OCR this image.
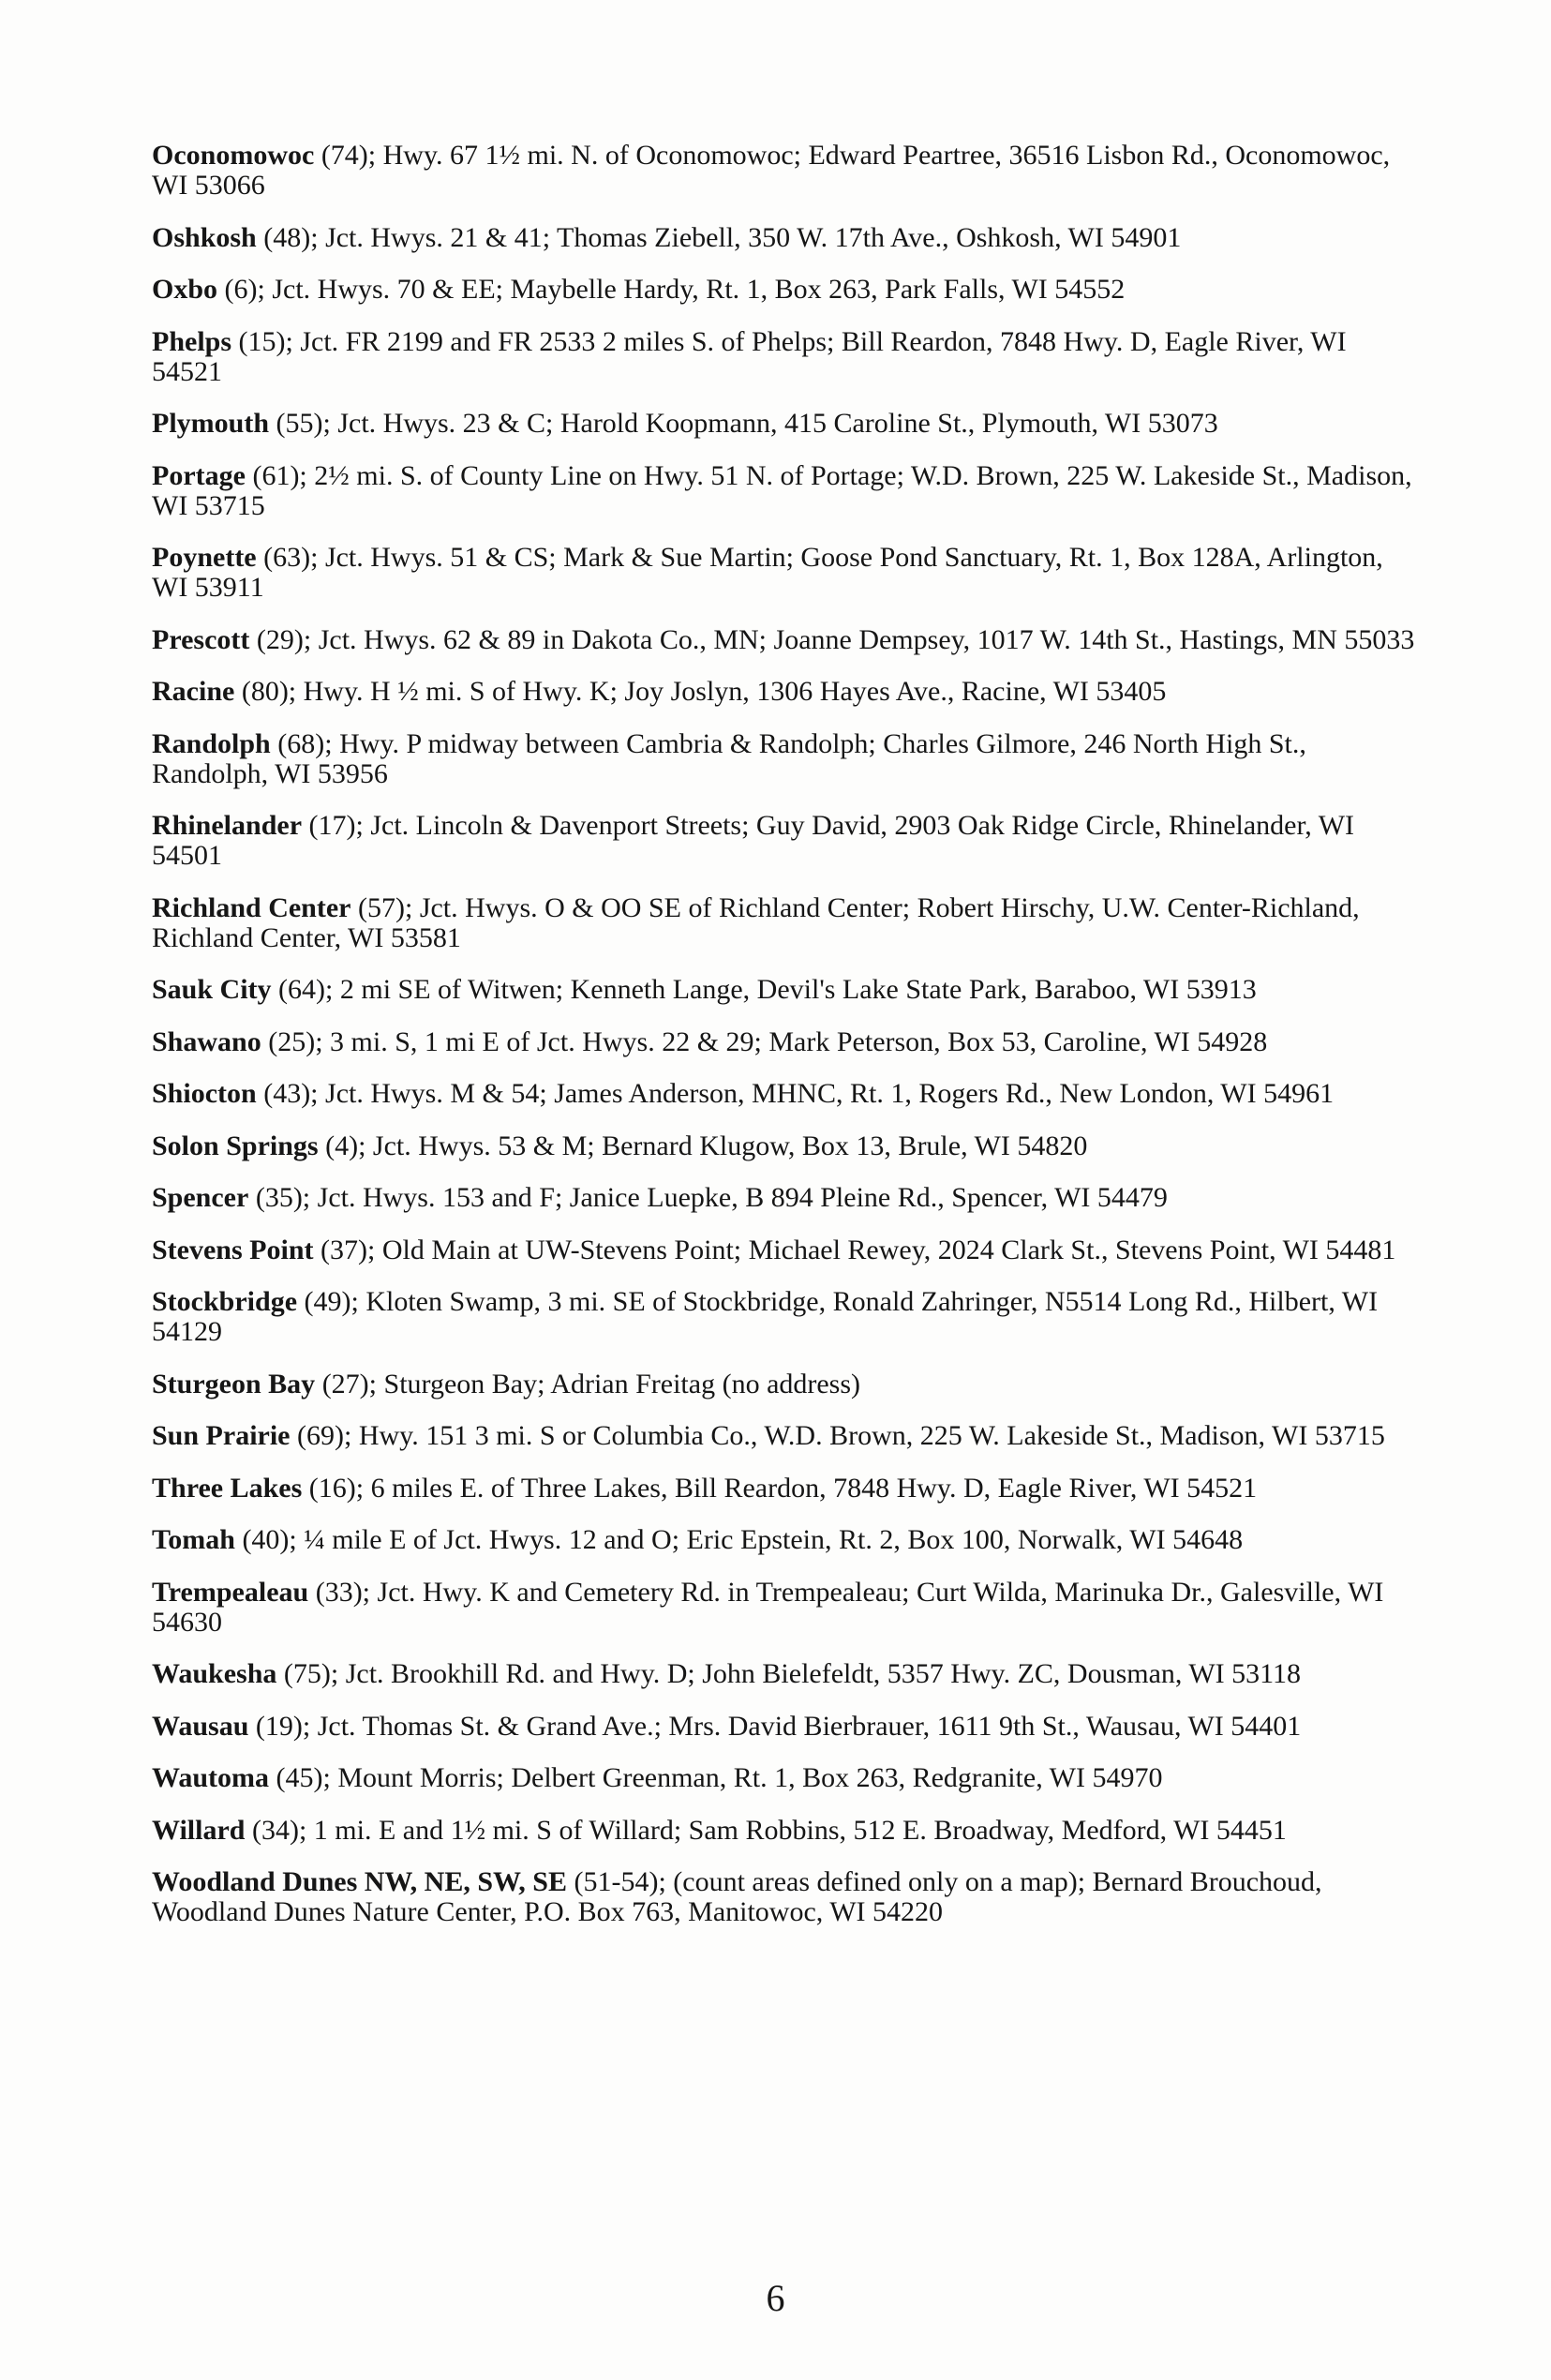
Oconomowoc (74); Hwy. 67 1½ mi. N. of Oconomowoc; Edward Peartree, 36516 Lisbon Rd., Oconomowoc, WI 53066

Oshkosh (48); Jct. Hwys. 21 & 41; Thomas Ziebell, 350 W. 17th Ave., Oshkosh, WI 54901

Oxbo (6); Jct. Hwys. 70 & EE; Maybelle Hardy, Rt. 1, Box 263, Park Falls, WI 54552

Phelps (15); Jct. FR 2199 and FR 2533 2 miles S. of Phelps; Bill Reardon, 7848 Hwy. D, Eagle River, WI 54521

Plymouth (55); Jct. Hwys. 23 & C; Harold Koopmann, 415 Caroline St., Plymouth, WI 53073

Portage (61); 2½ mi. S. of County Line on Hwy. 51 N. of Portage; W.D. Brown, 225 W. Lakeside St., Madison, WI 53715

Poynette (63); Jct. Hwys. 51 & CS; Mark & Sue Martin; Goose Pond Sanctuary, Rt. 1, Box 128A, Arlington, WI 53911

Prescott (29); Jct. Hwys. 62 & 89 in Dakota Co., MN; Joanne Dempsey, 1017 W. 14th St., Hastings, MN 55033

Racine (80); Hwy. H ½ mi. S of Hwy. K; Joy Joslyn, 1306 Hayes Ave., Racine, WI 53405

Randolph (68); Hwy. P midway between Cambria & Randolph; Charles Gilmore, 246 North High St., Randolph, WI 53956

Rhinelander (17); Jct. Lincoln & Davenport Streets; Guy David, 2903 Oak Ridge Circle, Rhinelander, WI 54501

Richland Center (57); Jct. Hwys. O & OO SE of Richland Center; Robert Hirschy, U.W. Center-Richland, Richland Center, WI 53581

Sauk City (64); 2 mi SE of Witwen; Kenneth Lange, Devil's Lake State Park, Baraboo, WI 53913

Shawano (25); 3 mi. S, 1 mi E of Jct. Hwys. 22 & 29; Mark Peterson, Box 53, Caroline, WI 54928

Shiocton (43); Jct. Hwys. M & 54; James Anderson, MHNC, Rt. 1, Rogers Rd., New London, WI 54961

Solon Springs (4); Jct. Hwys. 53 & M; Bernard Klugow, Box 13, Brule, WI 54820

Spencer (35); Jct. Hwys. 153 and F; Janice Luepke, B 894 Pleine Rd., Spencer, WI 54479

Stevens Point (37); Old Main at UW-Stevens Point; Michael Rewey, 2024 Clark St., Stevens Point, WI 54481

Stockbridge (49); Kloten Swamp, 3 mi. SE of Stockbridge, Ronald Zahringer, N5514 Long Rd., Hilbert, WI 54129

Sturgeon Bay (27); Sturgeon Bay; Adrian Freitag (no address)

Sun Prairie (69); Hwy. 151 3 mi. S or Columbia Co., W.D. Brown, 225 W. Lakeside St., Madison, WI 53715

Three Lakes (16); 6 miles E. of Three Lakes, Bill Reardon, 7848 Hwy. D, Eagle River, WI 54521

Tomah (40); ¼ mile E of Jct. Hwys. 12 and O; Eric Epstein, Rt. 2, Box 100, Norwalk, WI 54648

Trempealeau (33); Jct. Hwy. K and Cemetery Rd. in Trempealeau; Curt Wilda, Marinuka Dr., Galesville, WI 54630

Waukesha (75); Jct. Brookhill Rd. and Hwy. D; John Bielefeldt, 5357 Hwy. ZC, Dousman, WI 53118

Wausau (19); Jct. Thomas St. & Grand Ave.; Mrs. David Bierbrauer, 1611 9th St., Wausau, WI 54401

Wautoma (45); Mount Morris; Delbert Greenman, Rt. 1, Box 263, Redgranite, WI 54970

Willard (34); 1 mi. E and 1½ mi. S of Willard; Sam Robbins, 512 E. Broadway, Medford, WI 54451

Woodland Dunes NW, NE, SW, SE (51-54); (count areas defined only on a map); Bernard Brouchoud, Woodland Dunes Nature Center, P.O. Box 763, Manitowoc, WI 54220

6
